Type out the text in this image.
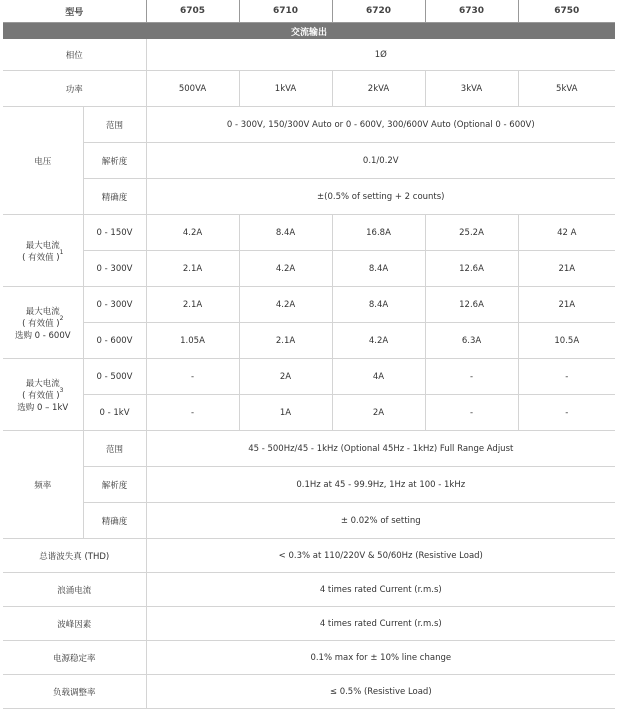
型号		6705	6710	6720	6730	6750
交流输出						
相位		1Ø				
功率		500VA	1kVA	2kVA	3kVA	5kVA
电压	范围	0 - 300V, 150/300V Auto or 0 - 600V, 300/600V Auto (Optional 0 - 600V)				
	解析度	0.1/0.2V				
	精确度	±(0.5% of setting + 2 counts)				

最大电流
( 有效值 )$^1$	0 - 150V	4.2A	8.4A	16.8A	25.2A	42 A
	0 - 300V	2.1A	4.2A	8.4A	12.6A	21A

最大电流
( 有效值 )$^2$
选购 0 - 600V	0 - 300V	2.1A	4.2A	8.4A	12.6A	21A
	0 - 600V	1.05A	2.1A	4.2A	6.3A	10.5A

最大电流
( 有效值 )$^3$
选购 0 – 1kV	0 - 500V	-	2A	4A	-	-
	0 - 1kV	-	1A	2A	-	-
频率	范围	45 - 500Hz/45 - 1kHz (Optional 45Hz - 1kHz) Full Range Adjust				
	解析度	0.1Hz at 45 - 99.9Hz, 1Hz at 100 - 1kHz				
	精确度	± 0.02% of setting				
总谐波失真 (THD)		< 0.3% at 110/220V & 50/60Hz (Resistive Load)				
浪涌电流		4 times rated Current (r.m.s)				
波峰因素		4 times rated Current (r.m.s)				
电源稳定率		0.1% max for ± 10% line change				
负载调整率		≤ 0.5% (Resistive Load)				
